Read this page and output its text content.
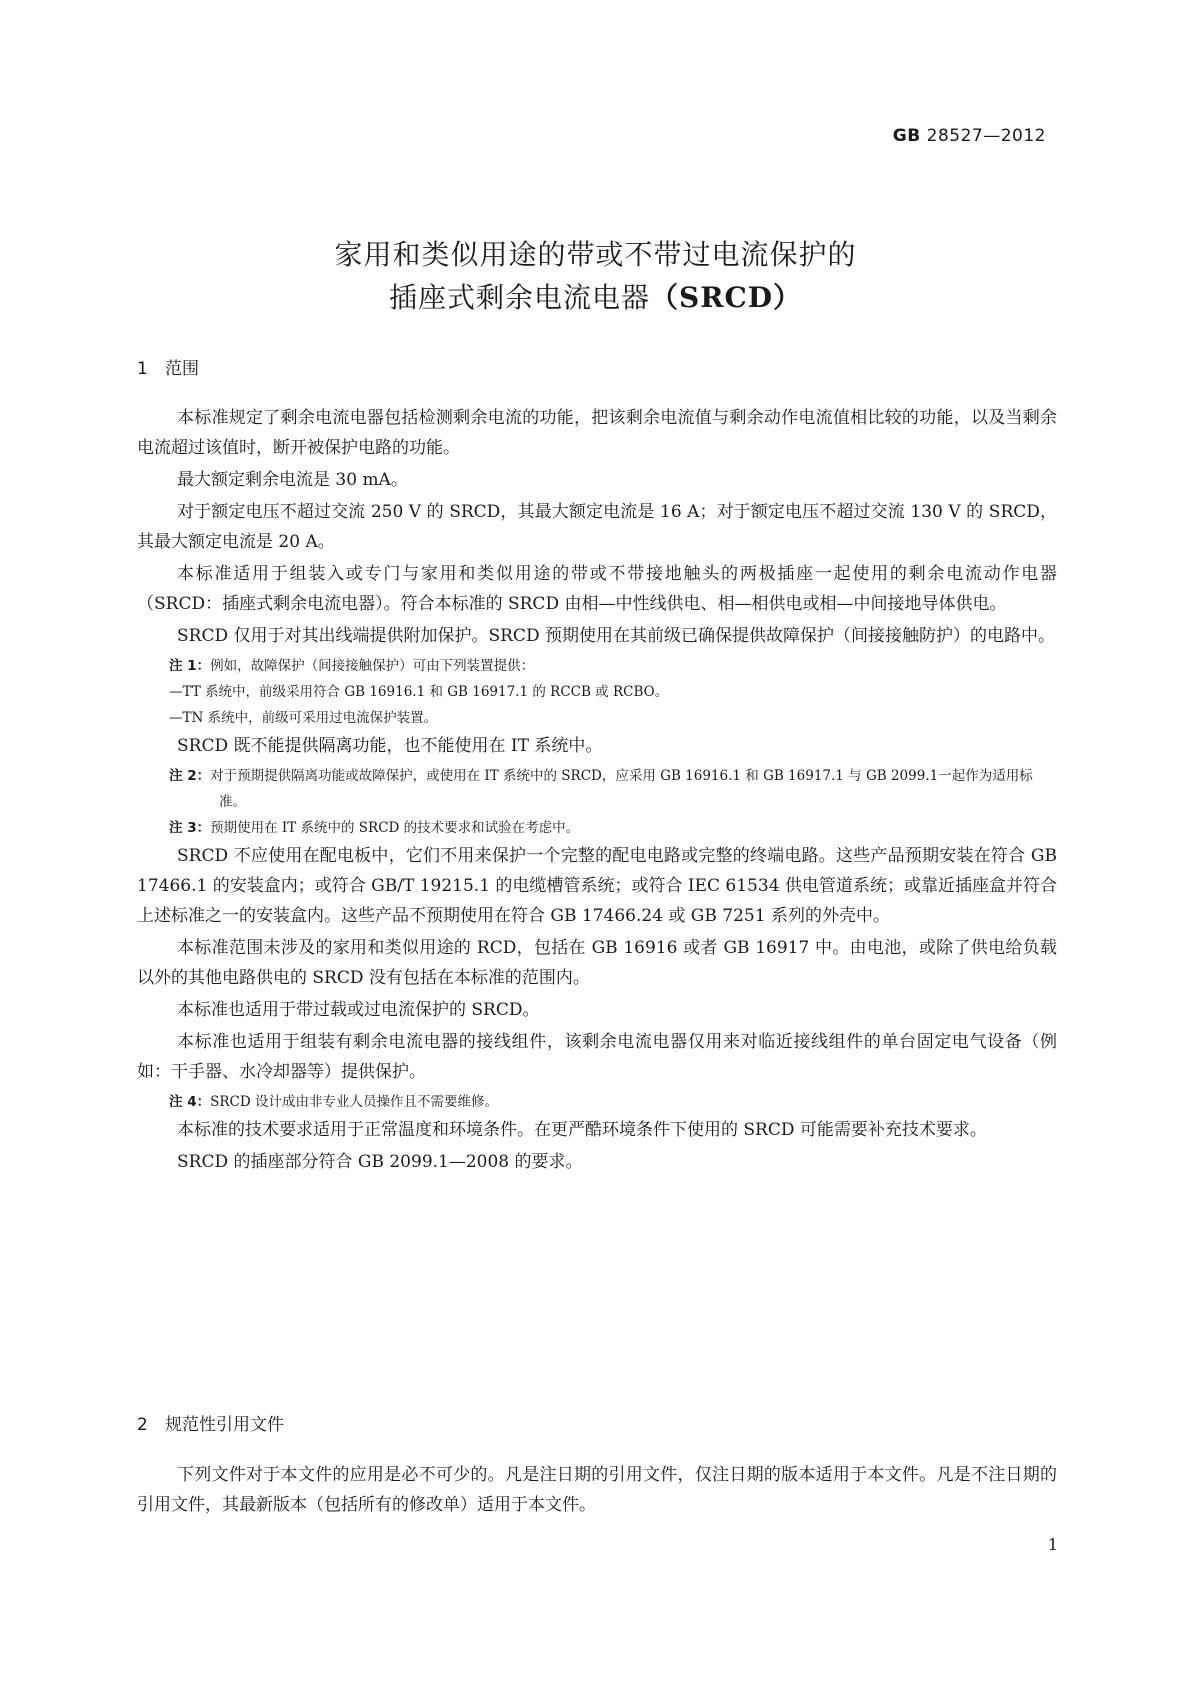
GB 28527—2012
家用和类似用途的带或不带过电流保护的
插座式剩余电流电器（SRCD）
1 范围

本标准规定了剩余电流电器包括检测剩余电流的功能，把该剩余电流值与剩余动作电流值相比较的功能，以及当剩余电流超过该值时，断开被保护电路的功能。

最大额定剩余电流是 30 mA。

对于额定电压不超过交流 250 V 的 SRCD，其最大额定电流是 16 A；对于额定电压不超过交流 130 V 的 SRCD，其最大额定电流是 20 A。

本标准适用于组装入或专门与家用和类似用途的带或不带接地触头的两极插座一起使用的剩余电流动作电器（SRCD：插座式剩余电流电器）。符合本标准的 SRCD 由相—中性线供电、相—相供电或相—中间接地导体供电。

SRCD 仅用于对其出线端提供附加保护。SRCD 预期使用在其前级已确保提供故障保护（间接接触防护）的电路中。

注 1：例如，故障保护（间接接触保护）可由下列装置提供：

—TT 系统中，前级采用符合 GB 16916.1 和 GB 16917.1 的 RCCB 或 RCBO。

—TN 系统中，前级可采用过电流保护装置。

SRCD 既不能提供隔离功能，也不能使用在 IT 系统中。

注 2：对于预期提供隔离功能或故障保护，或使用在 IT 系统中的 SRCD，应采用 GB 16916.1 和 GB 16917.1 与 GB 2099.1一起作为适用标准。

注 3：预期使用在 IT 系统中的 SRCD 的技术要求和试验在考虑中。

SRCD 不应使用在配电板中，它们不用来保护一个完整的配电电路或完整的终端电路。这些产品预期安装在符合 GB 17466.1 的安装盒内；或符合 GB/T 19215.1 的电缆槽管系统；或符合 IEC 61534 供电管道系统；或靠近插座盒并符合上述标准之一的安装盒内。这些产品不预期使用在符合 GB 17466.24 或 GB 7251 系列的外壳中。

本标准范围未涉及的家用和类似用途的 RCD，包括在 GB 16916 或者 GB 16917 中。由电池，或除了供电给负载以外的其他电路供电的 SRCD 没有包括在本标准的范围内。

本标准也适用于带过载或过电流保护的 SRCD。

本标准也适用于组装有剩余电流电器的接线组件，该剩余电流电器仅用来对临近接线组件的单台固定电气设备（例如：干手器、水冷却器等）提供保护。

注 4：SRCD 设计成由非专业人员操作且不需要维修。

本标准的技术要求适用于正常温度和环境条件。在更严酷环境条件下使用的 SRCD 可能需要补充技术要求。

SRCD 的插座部分符合 GB 2099.1—2008 的要求。

2 规范性引用文件

下列文件对于本文件的应用是必不可少的。凡是注日期的引用文件，仅注日期的版本适用于本文件。凡是不注日期的引用文件，其最新版本（包括所有的修改单）适用于本文件。

1
